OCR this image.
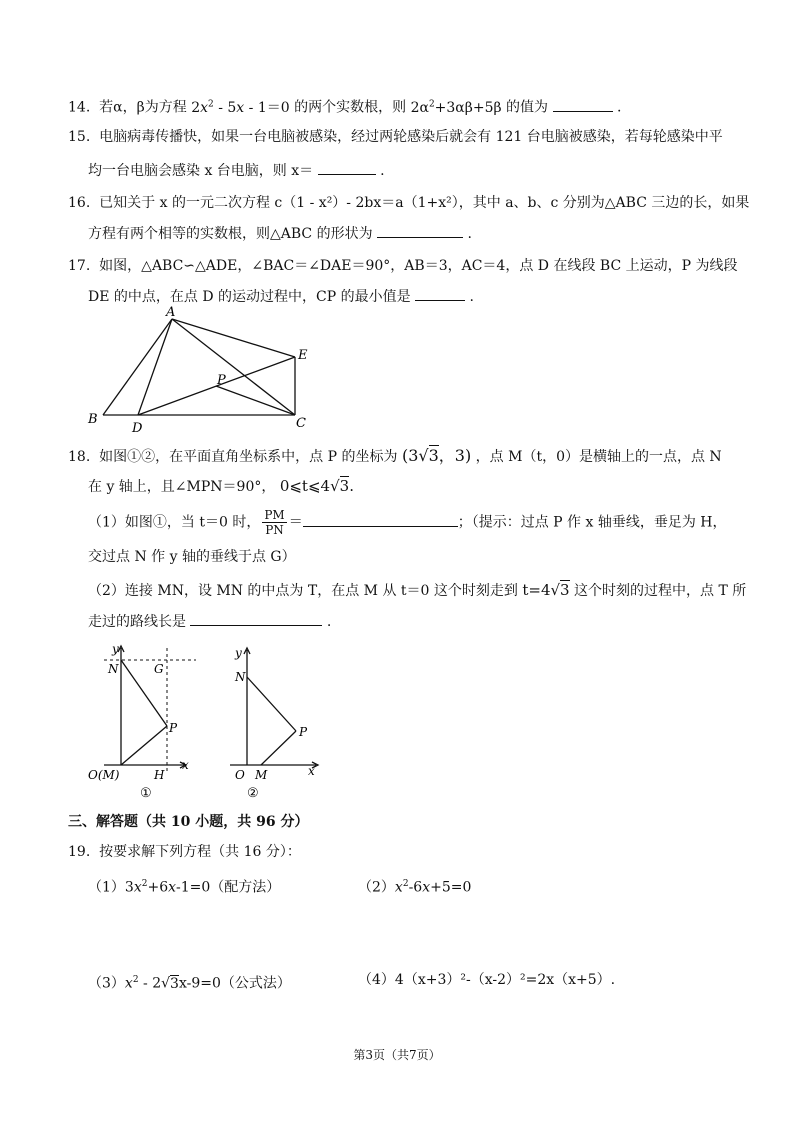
14. 若α，β为方程 $2x^2 - 5x - 1=0$ 的两个实数根，则 $2\alpha^2+3\alpha\beta+5\beta$ 的值为	.
15. 电脑病毒传播快，如果一台电脑被感染，经过两轮感染后就会有 121 台电脑被感染，若每轮感染中平
均一台电脑会感染 x 台电脑，则 x＝	.
16. 已知关于 x 的一元二次方程 c（1 - x²）- 2bx＝a（1+x²），其中 a、b、c 分别为△ABC 三边的长，如果
方程有两个相等的实数根，则△ABC 的形状为	.
17. 如图，△ABC∽△ADE，∠BAC＝∠DAE＝90°，AB＝3，AC＝4，点 D 在线段 BC 上运动，P 为线段
DE 的中点，在点 D 的运动过程中，CP 的最小值是	.
A
B	C
D
E
P
18. 如图①②，在平面直角坐标系中，点 P 的坐标为 (3√3，3) ，点 M（t，0）是横轴上的一点，点 N
在 y 轴上，且∠MPN＝90°， 0⩽t⩽4√3.
（1）如图①，当 t＝0 时， $\frac{PM}{PN}$ ＝	；（提示：过点 P 作 x 轴垂线，垂足为 H，
交过点 N 作 y 轴的垂线于点 G）
（2）连接 MN，设 MN 的中点为 T，在点 M 从 t＝0 这个时刻走到 t=4√3 这个时刻的过程中，点 T 所
走过的路线长是	.
y
x
N	G
P
O(M)	H
①
y
x
N
P
O M
②
三、解答题（共 10 小题，共 96 分）
19. 按要求解下列方程（共 16 分）：
$(1)3x^2+6x-1=0$（配方法）	$(2)x^2-6x+5=0$
$(3)x^2 - 2√3x-9=0$（公式法）	（4）4（x+3）²-（x-2）²=2x（x+5）.
第3页（共7页）
